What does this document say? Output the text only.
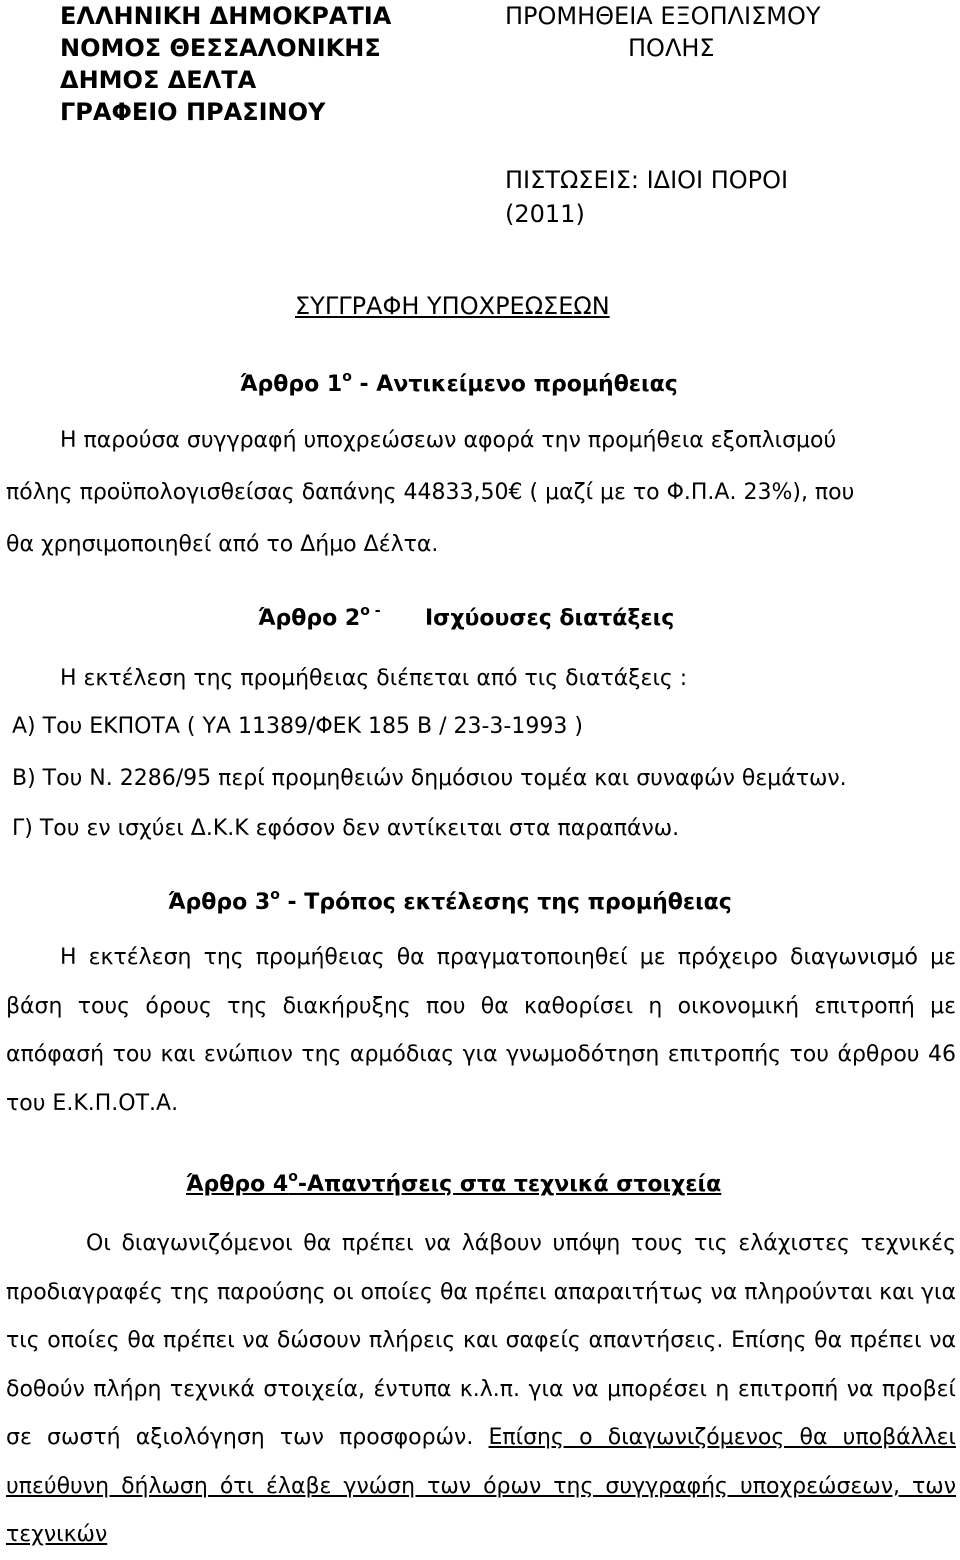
ΕΛΛΗΝΙΚΗ ΔΗΜΟΚΡΑΤΙΑ

ΝΟΜΟΣ ΘΕΣΣΑΛΟΝΙΚΗΣ

ΔΗΜΟΣ ΔΕΛΤΑ

ΓΡΑΦΕΙΟ ΠΡΑΣΙΝΟΥ

ΠΡΟΜΗΘΕΙΑ ΕΞΟΠΛΙΣΜΟΥ

ΠΟΛΗΣ

ΠΙΣΤΩΣΕΙΣ: ΙΔΙΟΙ ΠΟΡΟΙ

(2011)

ΣΥΓΓΡΑΦΗ ΥΠΟΧΡΕΩΣΕΩΝ

Άρθρο $1^o$ - Αντικείμενο προμήθειας

Η παρούσα συγγραφή υποχρεώσεων αφορά την προμήθεια εξοπλισμού

πόλης προϋπολογισθείσας δαπάνης 44833,50€ ( μαζί με το Φ.Π.Α. 23%), που

θα χρησιμοποιηθεί από το Δήμο Δέλτα.

Άρθρο $2^{o -}$ Ισχύουσες διατάξεις

Η εκτέλεση της προμήθειας διέπεται από τις διατάξεις :

Α) Του ΕΚΠΟΤΑ ( ΥΑ 11389/ΦΕΚ 185 Β / 23-3-1993 )

Β) Του Ν. 2286/95 περί προμηθειών δημόσιου τομέα και συναφών θεμάτων.

Γ) Του εν ισχύει Δ.Κ.Κ εφόσον δεν αντίκειται στα παραπάνω.

Άρθρο $3^o$ - Τρόπος εκτέλεσης της προμήθειας

Η εκτέλεση της προμήθειας θα πραγματοποιηθεί με πρόχειρο διαγωνισμό με βάση τους όρους της διακήρυξης που θα καθορίσει η οικονομική επιτροπή με απόφασή του και ενώπιον της αρμόδιας για γνωμοδότηση επιτροπής του άρθρου 46 του Ε.Κ.Π.ΟΤ.Α.

Άρθρο $4^o$-Απαντήσεις στα τεχνικά στοιχεία

Οι διαγωνιζόμενοι θα πρέπει να λάβουν υπόψη τους τις ελάχιστες τεχνικές προδιαγραφές της παρούσης οι οποίες θα πρέπει απαραιτήτως να πληρούνται και για τις οποίες θα πρέπει να δώσουν πλήρεις και σαφείς απαντήσεις. Επίσης θα πρέπει να δοθούν πλήρη τεχνικά στοιχεία, έντυπα κ.λ.π. για να μπορέσει η επιτροπή να προβεί σε σωστή αξιολόγηση των προσφορών. Επίσης ο διαγωνιζόμενος θα υποβάλλει υπεύθυνη δήλωση ότι έλαβε γνώση των όρων της συγγραφής υποχρεώσεων, των τεχνικών
